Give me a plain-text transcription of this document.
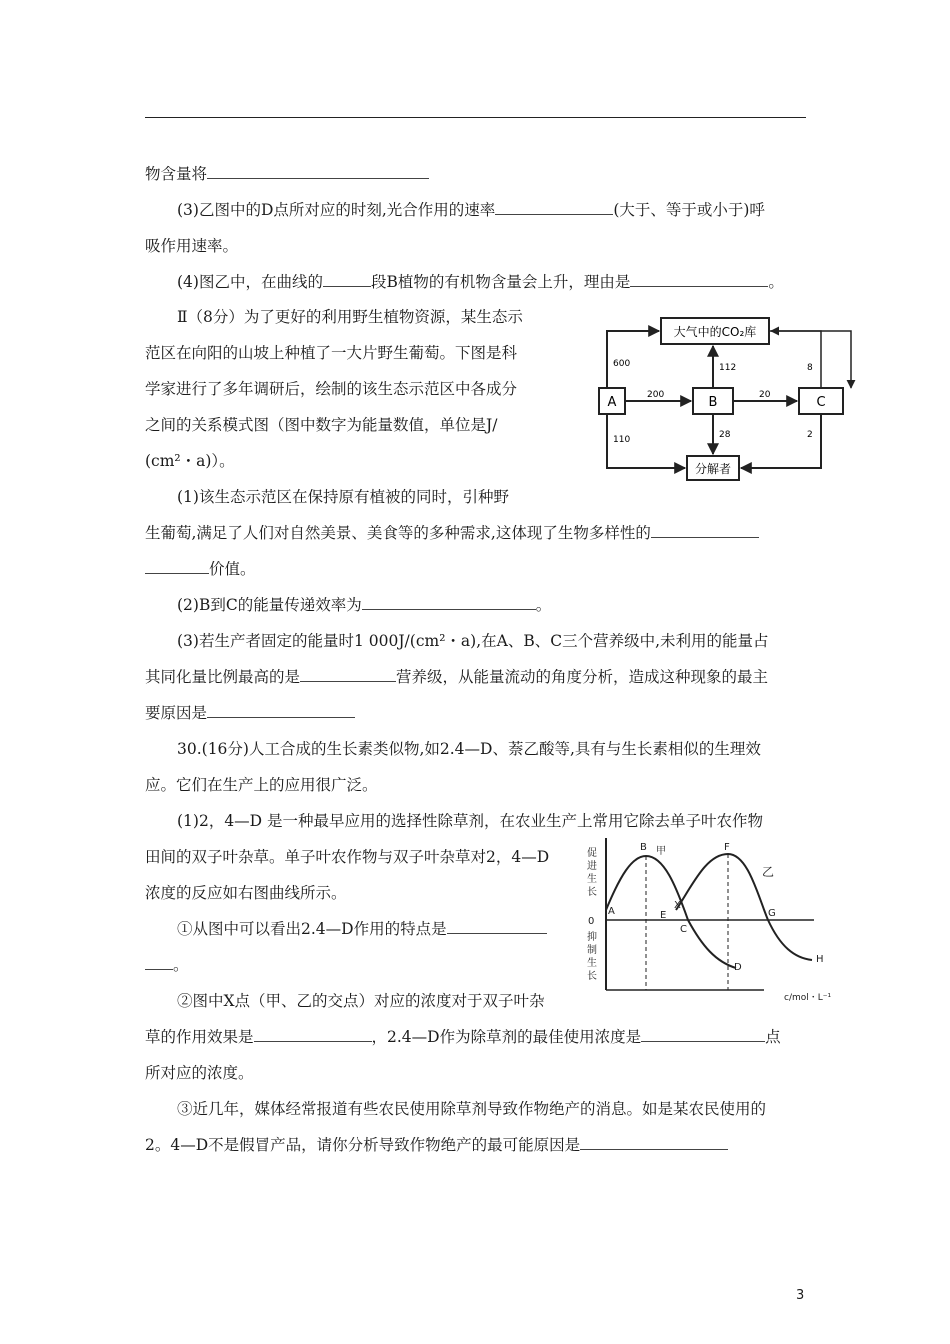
物含量将
(3)乙图中的D点所对应的时刻,光合作用的速率	(大于、等于或小于)呼
吸作用速率。
(4)图乙中，在曲线的	段B植物的有机物含量会上升，理由是	。
Ⅱ（8分）为了更好的利用野生植物资源，某生态示
范区在向阳的山坡上种植了一大片野生葡萄。下图是科
学家进行了多年调研后，绘制的该生态示范区中各成分
之间的关系模式图（图中数字为能量数值，单位是J/
(cm²・a)）。
(1)该生态示范区在保持原有植被的同时，引种野
生葡萄,满足了人们对自然美景、美食等的多种需求,这体现了生物多样性的
价值。
(2)B到C的能量传递效率为	。
(3)若生产者固定的能量时1 000J/(cm²・a),在A、B、C三个营养级中,未利用的能量占
其同化量比例最高的是	营养级，从能量流动的角度分析，造成这种现象的最主
要原因是
30.(16分)人工合成的生长素类似物,如2.4—D、萘乙酸等,具有与生长素相似的生理效
应。它们在生产上的应用很广泛。
(1)2，4—D 是一种最早应用的选择性除草剂，在农业生产上常用它除去单子叶农作物
田间的双子叶杂草。单子叶农作物与双子叶杂草对2，4—D
浓度的反应如右图曲线所示。
①从图中可以看出2.4—D作用的特点是
。
②图中X点（甲、乙的交点）对应的浓度对于双子叶杂
草的作用效果是	，2.4—D作为除草剂的最佳使用浓度是	点
所对应的浓度。
③近几年，媒体经常报道有些农民使用除草剂导致作物绝产的消息。如是某农民使用的
2。4—D不是假冒产品，请你分析导致作物绝产的最可能原因是
大气中的CO₂库
A	B	C
分解者
600
200
112
20
8
110	28	2
促
进
生
长
0
抑
制
生
长
c/mol・L⁻¹
A
B 甲
C
D
E
F
G
乙
H
X
3
